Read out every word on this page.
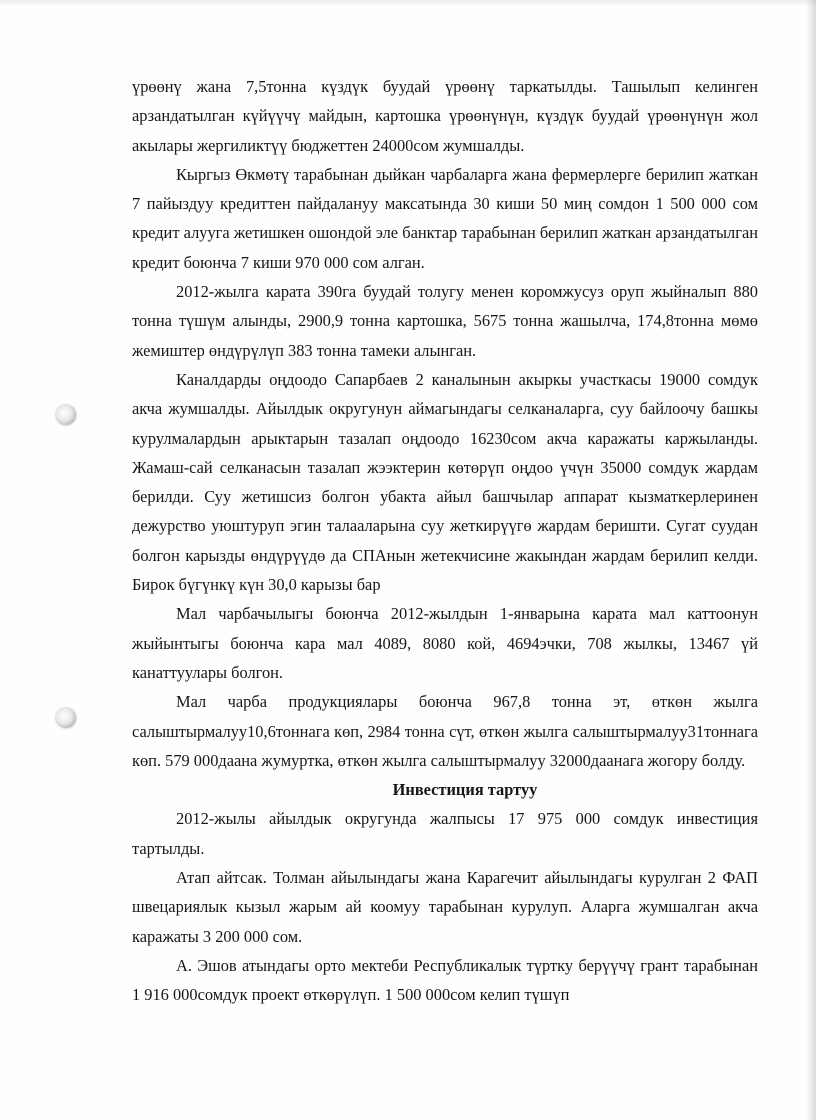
үрөөнү жана 7,5тонна күздүк буудай үрөөнү таркатылды. Ташылып келинген арзандатылган күйүүчү майдын, картошка үрөөнүнүн, күздүк буудай үрөөнүнүн жол акылары жергиликтүү бюджеттен 24000сом жумшалды.

Кыргыз Өкмөтү тарабынан дыйкан чарбаларга жана фермерлерге берилип жаткан 7 пайыздуу кредиттен пайдалануу максатында 30 киши 50 миң сомдон 1 500 000 сом кредит алууга жетишкен ошондой эле банктар тарабынан берилип жаткан арзандатылган кредит боюнча 7 киши 970 000 сом алган.

2012-жылга карата 390га буудай толугу менен коромжусуз оруп жыйналып 880 тонна түшүм алынды, 2900,9 тонна картошка, 5675 тонна жашылча, 174,8тонна мөмө жемиштер өндүрүлүп 383 тонна тамеки алынган.

Каналдарды оңдоодо Сапарбаев 2 каналынын акыркы участкасы 19000 сомдук акча жумшалды. Айылдык округунун аймагындагы селканаларга, суу байлоочу башкы курулмалардын арыктарын тазалап оңдоодо 16230сом акча каражаты каржыланды. Жамаш-сай селканасын тазалап жээктерин көтөрүп оңдоо үчүн 35000 сомдук жардам берилди. Суу жетишсиз болгон убакта айыл башчылар аппарат кызматкерлеринен дежурство уюштуруп эгин талааларына суу жеткирүүгө жардам беришти. Сугат суудан болгон карызды өндүрүүдө да СПАнын жетекчисине жакындан жардам берилип келди. Бирок бүгүнкү күн 30,0 карызы бар

Мал чарбачылыгы боюнча 2012-жылдын 1-январына карата мал каттоонун жыйынтыгы боюнча кара мал 4089, 8080 кой, 4694эчки, 708 жылкы, 13467 үй канаттуулары болгон.

Мал чарба продукциялары боюнча 967,8 тонна эт, өткөн жылга салыштырмалуу10,6тоннага көп, 2984 тонна сүт, өткөн жылга салыштырмалуу31тоннага көп. 579 000даана жумуртка, өткөн жылга салыштырмалуу 32000даанага жогору болду.

Инвестиция тартуу

2012-жылы айылдык округунда жалпысы 17 975 000 сомдук инвестиция тартылды.

Атап айтсак. Толман айылындагы жана Карагечит айылындагы курулган 2 ФАП швецариялык кызыл жарым ай коомуу тарабынан курулуп. Аларга жумшалган акча каражаты 3 200 000 сом.

А. Эшов атындагы орто мектеби Республикалык түртку берүүчү грант тарабынан 1 916 000сомдук проект өткөрүлүп. 1 500 000сом келип түшүп
